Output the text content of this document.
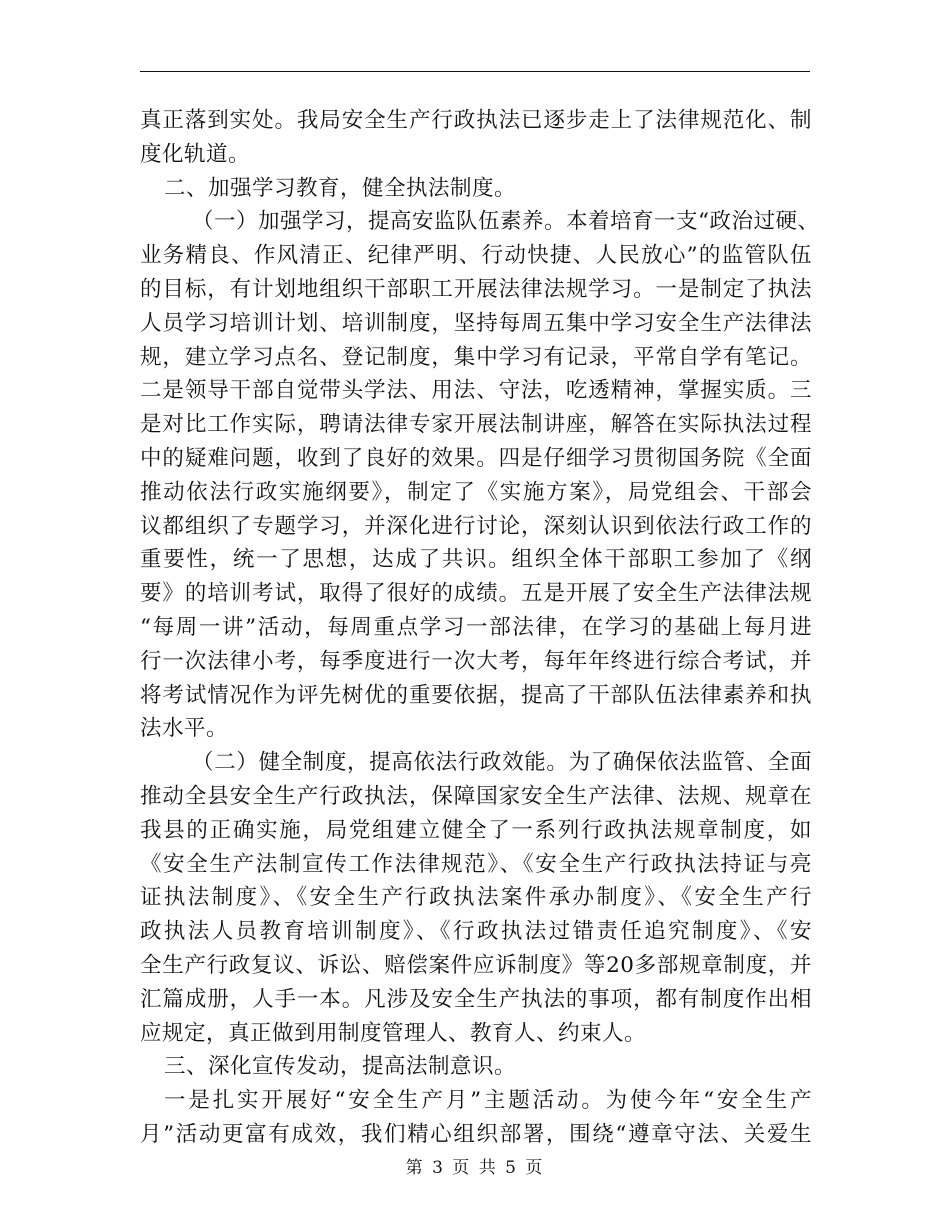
真正落到实处。我局安全生产行政执法已逐步走上了法律规范化、制
度化轨道。
二、加强学习教育，健全执法制度。
（一）加强学习，提高安监队伍素养。本着培育一支“政治过硬、
业务精良、作风清正、纪律严明、行动快捷、人民放心”的监管队伍
的目标，有计划地组织干部职工开展法律法规学习。一是制定了执法
人员学习培训计划、培训制度，坚持每周五集中学习安全生产法律法
规，建立学习点名、登记制度，集中学习有记录，平常自学有笔记。
二是领导干部自觉带头学法、用法、守法，吃透精神，掌握实质。三
是对比工作实际，聘请法律专家开展法制讲座，解答在实际执法过程
中的疑难问题，收到了良好的效果。四是仔细学习贯彻国务院《全面
推动依法行政实施纲要》，制定了《实施方案》，局党组会、干部会
议都组织了专题学习，并深化进行讨论，深刻认识到依法行政工作的
重要性，统一了思想，达成了共识。组织全体干部职工参加了《纲
要》的培训考试，取得了很好的成绩。五是开展了安全生产法律法规
“每周一讲”活动，每周重点学习一部法律，在学习的基础上每月进
行一次法律小考，每季度进行一次大考，每年年终进行综合考试，并
将考试情况作为评先树优的重要依据，提高了干部队伍法律素养和执
法水平。
（二）健全制度，提高依法行政效能。为了确保依法监管、全面
推动全县安全生产行政执法，保障国家安全生产法律、法规、规章在
我县的正确实施，局党组建立健全了一系列行政执法规章制度，如
《安全生产法制宣传工作法律规范》、《安全生产行政执法持证与亮
证执法制度》、《安全生产行政执法案件承办制度》、《安全生产行
政执法人员教育培训制度》、《行政执法过错责任追究制度》、《安
全生产行政复议、诉讼、赔偿案件应诉制度》等20多部规章制度，并
汇篇成册，人手一本。凡涉及安全生产执法的事项，都有制度作出相
应规定，真正做到用制度管理人、教育人、约束人。
三、深化宣传发动，提高法制意识。
一是扎实开展好“安全生产月”主题活动。为使今年“安全生产
月”活动更富有成效，我们精心组织部署，围绕“遵章守法、关爱生
第 3 页 共 5 页
